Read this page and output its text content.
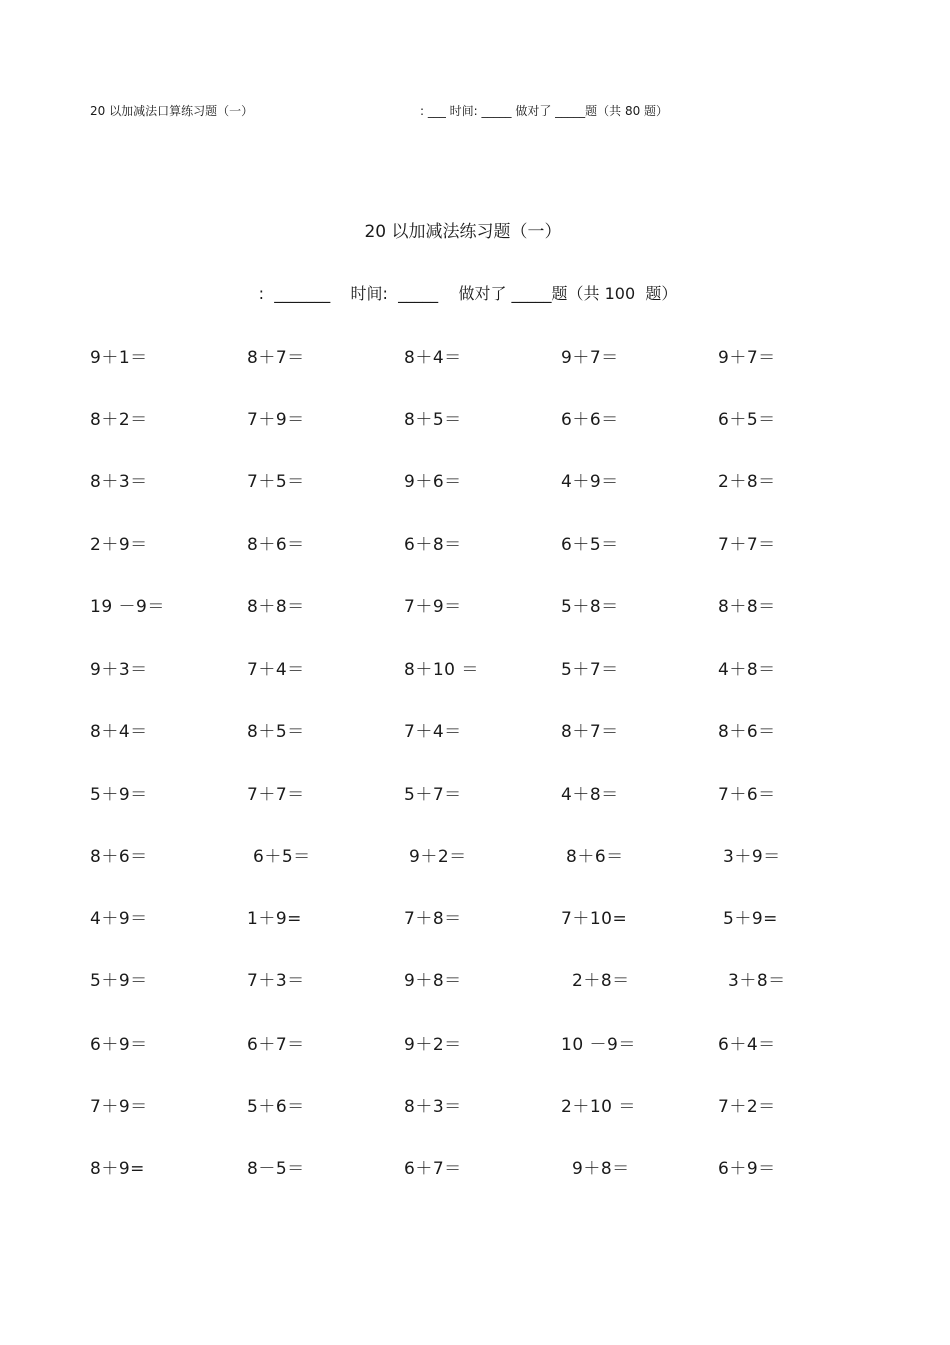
20 以加减法口算练习题（一）	: ___ 时间: _____ 做对了 _____题（共 80 题）
20 以加减法练习题（一）
:  _______    时间:  _____    做对了 _____题（共 100  题）
9＋1＝	8＋7＝	8＋4＝	9＋7＝	9＋7＝
8＋2＝	7＋9＝	8＋5＝	6＋6＝	6＋5＝
8＋3＝	7＋5＝	9＋6＝	4＋9＝	2＋8＝
2＋9＝	8＋6＝	6＋8＝	6＋5＝	7＋7＝
19 －9＝	8＋8＝	7＋9＝	5＋8＝	8＋8＝
9＋3＝	7＋4＝	8＋10 ＝	5＋7＝	4＋8＝
8＋4＝	8＋5＝	7＋4＝	8＋7＝	8＋6＝
5＋9＝	7＋7＝	5＋7＝	4＋8＝	7＋6＝
8＋6＝	6＋5＝	9＋2＝	8＋6＝	3＋9＝
4＋9＝	1＋9=	7＋8＝	7＋10=	5＋9=
5＋9＝	7＋3＝	9＋8＝	2＋8＝	3＋8＝
6＋9＝	6＋7＝	9＋2＝	10 －9＝	6＋4＝
7＋9＝	5＋6＝	8＋3＝	2＋10 ＝	7＋2＝
8＋9=	8－5＝	6＋7＝	9＋8＝	6＋9＝
